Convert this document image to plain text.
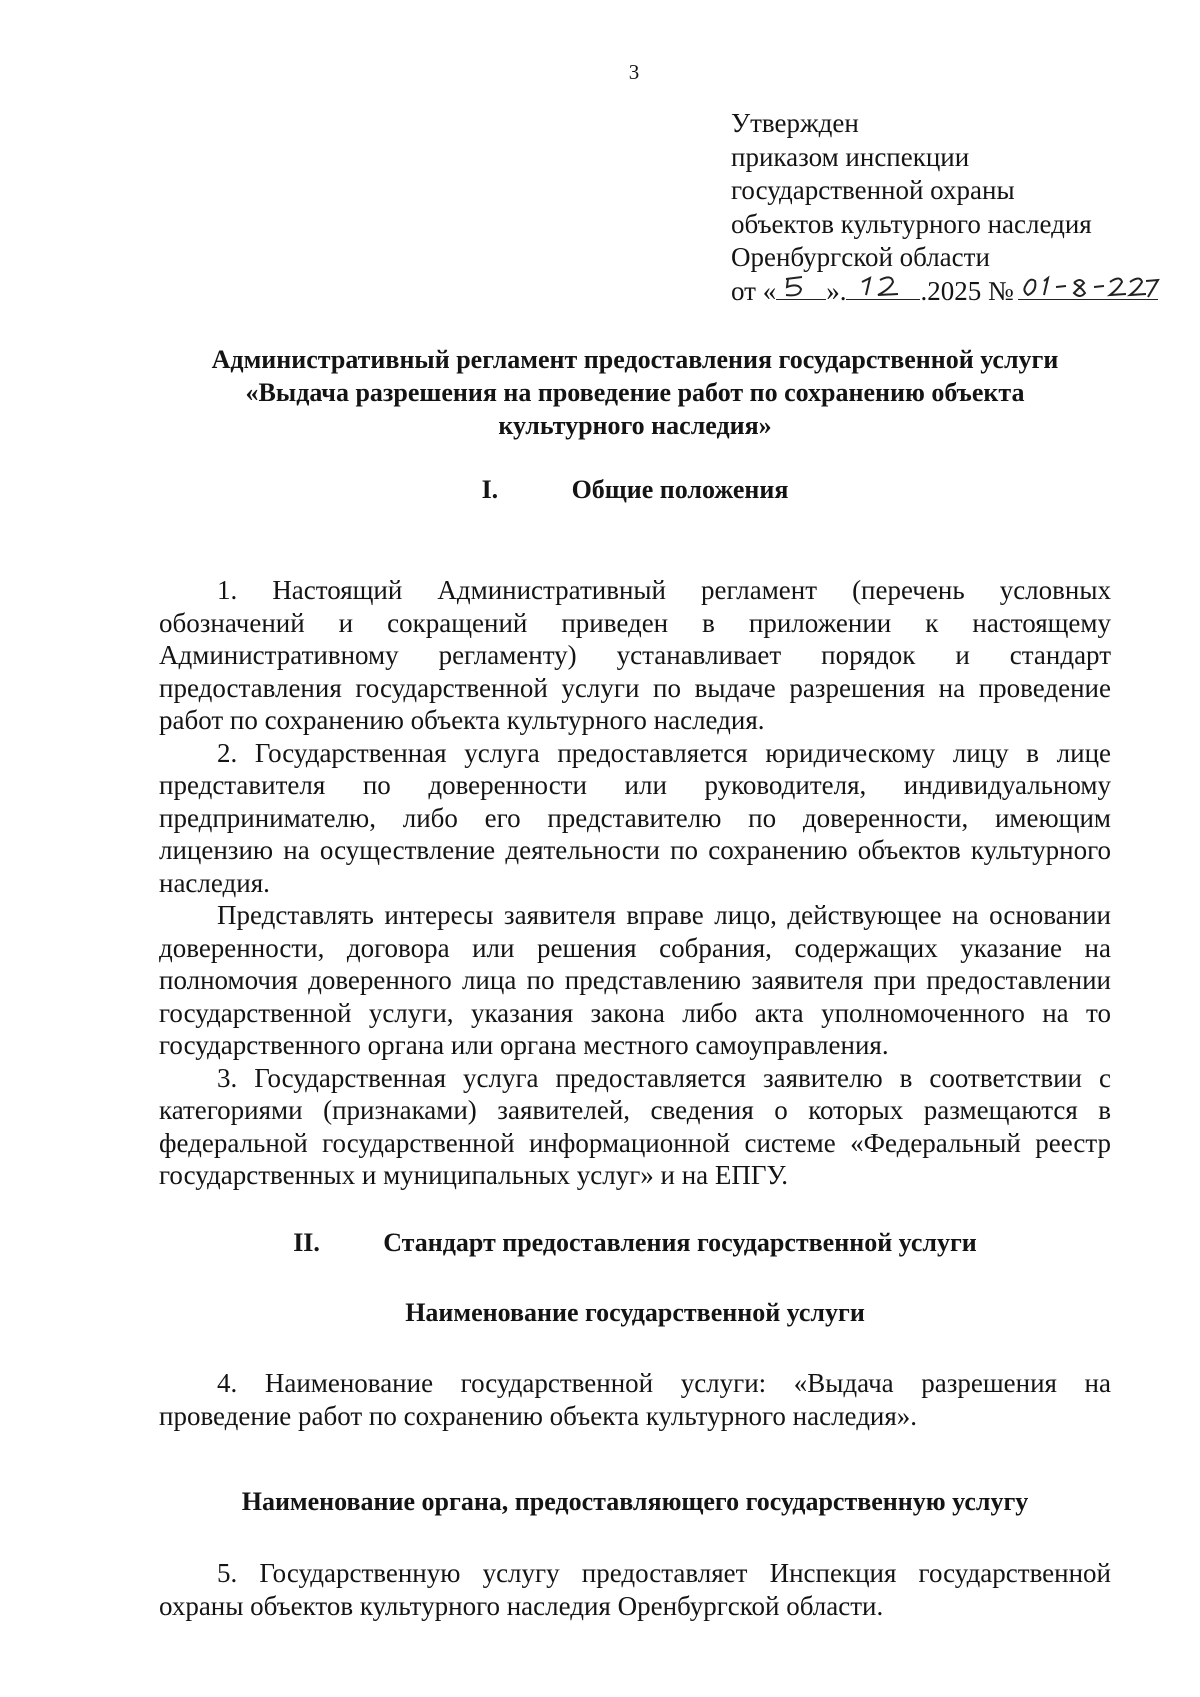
3
Утвержден
приказом инспекции
государственной охраны
объектов культурного наследия
Оренбургской области
от « ».	.2025 №
Административный регламент предоставления государственной услуги
«Выдача разрешения на проведение работ по сохранению объекта
культурного наследия»
I.	Общие положения

1. Настоящий Административный регламент (перечень условных обозначений и сокращений приведен в приложении к настоящему Административному регламенту) устанавливает порядок и стандарт предоставления государственной услуги по выдаче разрешения на проведение работ по сохранению объекта культурного наследия.

2. Государственная услуга предоставляется юридическому лицу в лице представителя по доверенности или руководителя, индивидуальному предпринимателю, либо его представителю по доверенности, имеющим лицензию на осуществление деятельности по сохранению объектов культурного наследия.

Представлять интересы заявителя вправе лицо, действующее на основании доверенности, договора или решения собрания, содержащих указание на полномочия доверенного лица по представлению заявителя при предоставлении государственной услуги, указания закона либо акта уполномоченного на то государственного органа или органа местного самоуправления.

3. Государственная услуга предоставляется заявителю в соответствии с категориями (признаками) заявителей, сведения о которых размещаются в федеральной государственной информационной системе «Федеральный реестр государственных и муниципальных услуг» и на ЕПГУ.

II. Стандарт предоставления государственной услуги
Наименование государственной услуги

4. Наименование государственной услуги: «Выдача разрешения на проведение работ по сохранению объекта культурного наследия».

Наименование органа, предоставляющего государственную услугу

5. Государственную услугу предоставляет Инспекция государственной охраны объектов культурного наследия Оренбургской области.
